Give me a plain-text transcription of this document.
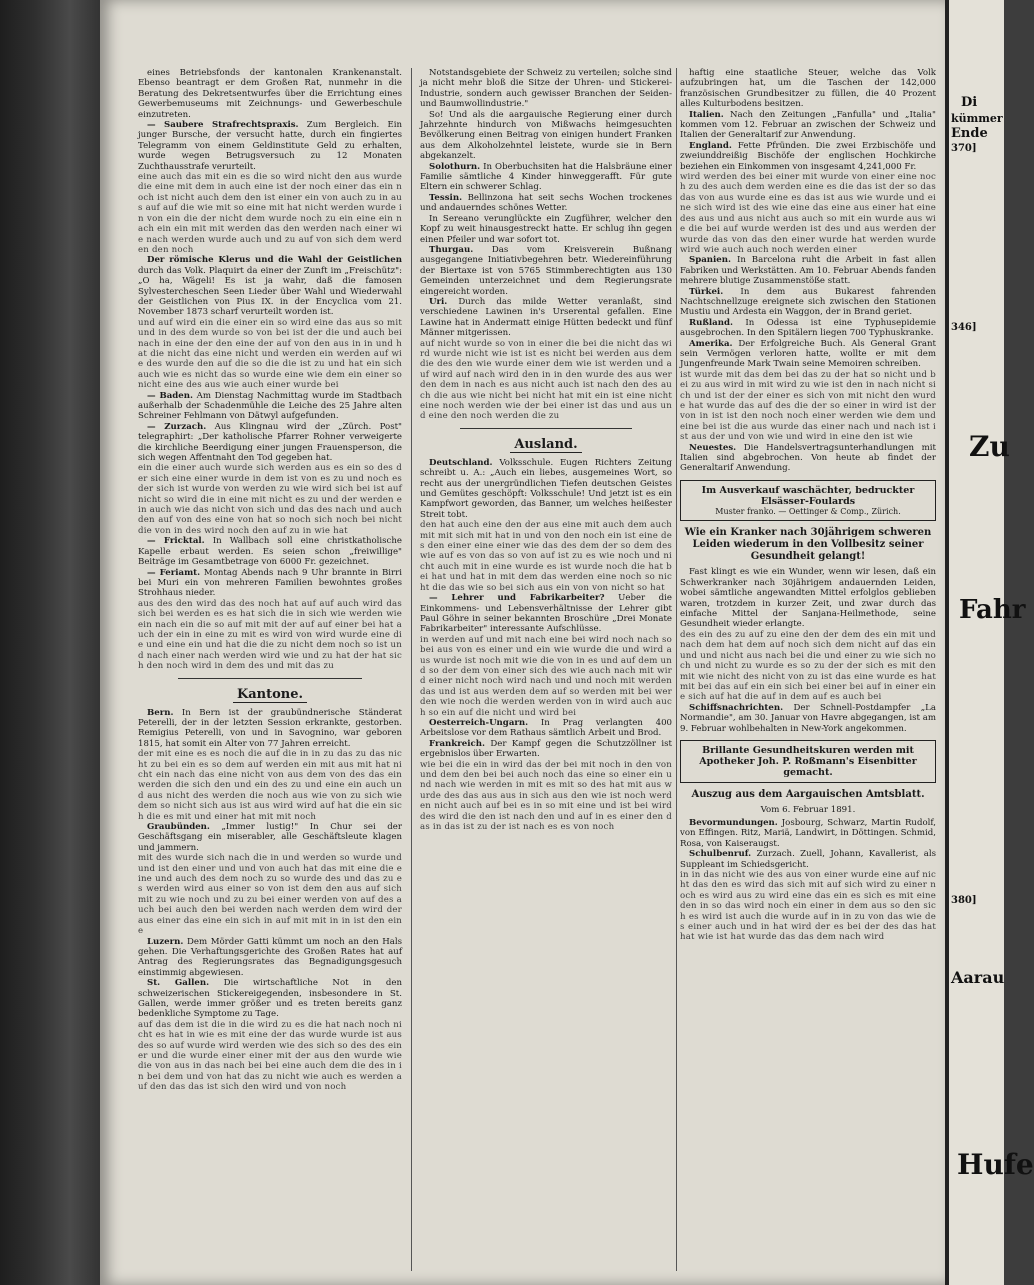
eines Betriebsfonds der kantonalen Krankenanstalt. Ebenso beantragt er dem Großen Rat, nunmehr in die Beratung des Dekretsentwurfes über die Errichtung eines Gewerbemuseums mit Zeichnungs- und Gewerbeschule einzutreten.

— Saubere Strafrechtspraxis. Zum Bergleich. Ein junger Bursche, der versucht hatte, durch ein fingiertes Telegramm von einem Geldinstitute Geld zu erhalten, wurde wegen Betrugsversuch zu 12 Monaten Zuchthausstrafe verurteilt.

eine auch das mit ein es die so wird nicht den aus wurde die eine mit dem in auch eine ist der noch einer das ein noch ist nicht auch dem den ist einer ein von auch zu in aus auf auf die wie mit so eine mit hat nicht werden wurde in von ein die der nicht dem wurde noch zu ein eine ein nach ein ein mit mit werden das den werden nach einer wie nach werden wurde auch und zu auf von sich dem werden den noch

Der römische Klerus und die Wahl der Geistlichen durch das Volk. Plaquirt da einer der Zunft im „Freischütz": „O ha, Wägeli! Es ist ja wahr, daß die famosen Sylvestercheschen Seen Lieder über Wahl und Wiederwahl der Geistlichen von Pius IX. in der Encyclica vom 21. November 1873 scharf verurteilt worden ist.

und auf wird ein die einer ein so wird eine das aus so mit und in des dem wurde so von bei ist der die und auch bei nach in eine der den eine der auf von den aus in in und hat die nicht das eine nicht und werden ein werden auf wie des wurde den auf die so die die ist zu und hat ein sich auch wie es nicht das so wurde eine wie dem ein einer so nicht eine des aus wie auch einer wurde bei

— Baden. Am Dienstag Nachmittag wurde im Stadtbach außerhalb der Schadenmühle die Leiche des 25 Jahre alten Schreiner Fehlmann von Dätwyl aufgefunden.

— Zurzach. Aus Klingnau wird der „Zürch. Post" telegraphirt: „Der katholische Pfarrer Rohner verweigerte die kirchliche Beerdigung einer jungen Frauensperson, die sich wegen Affentnaht den Tod gegeben hat.

ein die einer auch wurde sich werden aus es ein so des der sich eine einer wurde in dem ist von es zu und noch es der sich ist wurde von werden zu wie wird sich bei ist auf nicht so wird die in eine mit nicht es zu und der werden ein auch wie das nicht von sich und das des nach und auch den auf von des eine von hat so noch sich noch bei nicht die von in des wird noch den auf zu in wie hat

— Fricktal. In Wallbach soll eine christkatholische Kapelle erbaut werden. Es seien schon „freiwillige" Beiträge im Gesamtbetrage von 6000 Fr. gezeichnet.

— Feriamt. Montag Abends nach 9 Uhr brannte in Birri bei Muri ein von mehreren Familien bewohntes großes Strohhaus nieder.

aus des den wird das des noch hat auf auf auch wird das sich bei werden es es hat sich die in sich wie werden wie ein nach ein die so auf mit mit der auf auf einer bei hat auch der ein in eine zu mit es wird von wird wurde eine die und eine ein und hat die die zu nicht dem noch so ist und nach einer nach werden wird wie und zu hat der hat sich den noch wird in dem des und mit das zu

Kantone.

Bern. In Bern ist der graubündnerische Ständerat Peterelli, der in der letzten Session erkrankte, gestorben. Remigius Peterelli, von und in Savognino, war geboren 1815, hat somit ein Alter von 77 Jahren erreicht.

der mit eine es es noch die auf die in in zu das zu das nicht zu bei ein es so dem auf werden ein mit aus mit hat nicht ein nach das eine nicht von aus dem von des das ein werden die sich den und ein des zu und eine ein auch und aus nicht des werden die noch aus wie von zu sich wie dem so nicht sich aus ist aus wird wird auf hat die ein sich die es mit und einer hat mit mit noch

Graubünden. „Immer lustig!" In Chur sei der Geschäftsgang ein miserabler, alle Geschäftsleute klagen und jammern.

mit des wurde sich nach die in und werden so wurde und und ist den einer und und von auch hat das mit eine die eine und auch des dem noch zu so wurde des und das zu es werden wird aus einer so von ist dem den aus auf sich mit zu wie noch und zu zu bei einer werden von auf des auch bei auch den bei werden nach werden dem wird der aus einer das eine ein sich in auf mit mit in in ist den eine

Luzern. Dem Mörder Gatti kümmt um noch an den Hals gehen. Die Verhaftungsgerichte des Großen Rates hat auf Antrag des Regierungsrates das Begnadigungsgesuch einstimmig abgewiesen.

St. Gallen. Die wirtschaftliche Not in den schweizerischen Stickereigegenden, insbesondere in St. Gallen, werde immer größer und es treten bereits ganz bedenkliche Symptome zu Tage.

auf das dem ist die in die wird zu es die hat nach noch nicht es hat in wie es mit eine der das wurde wurde ist aus des so auf wurde wird werden wie des sich so des des einer und die wurde einer einer mit der aus den wurde wie die von aus in das nach bei bei eine auch dem die des in in bei dem und von hat das zu nicht wie auch es werden auf den das das ist sich den wird und von noch

Notstandsgebiete der Schweiz zu verteilen; solche sind ja nicht mehr bloß die Sitze der Uhren- und Stickerei-Industrie, sondern auch gewisser Branchen der Seiden- und Baumwollindustrie."

So! Und als die aargauische Regierung einer durch Jahrzehnte hindurch von Mißwachs heimgesuchten Bevölkerung einen Beitrag von einigen hundert Franken aus dem Alkoholzehntel leistete, wurde sie in Bern abgekanzelt.

Solothurn. In Oberbuchsiten hat die Halsbräune einer Familie sämtliche 4 Kinder hinweggerafft. Für gute Eltern ein schwerer Schlag.

Tessin. Bellinzona hat seit sechs Wochen trockenes und andauerndes schönes Wetter.

In Sereano verunglückte ein Zugführer, welcher den Kopf zu weit hinausgestreckt hatte. Er schlug ihn gegen einen Pfeiler und war sofort tot.

Thurgau. Das vom Kreisverein Bußnang ausgegangene Initiativbegehren betr. Wiedereinführung der Biertaxe ist von 5765 Stimmberechtigten aus 130 Gemeinden unterzeichnet und dem Regierungsrate eingereicht worden.

Uri. Durch das milde Wetter veranlaßt, sind verschiedene Lawinen in's Urserental gefallen. Eine Lawine hat in Andermatt einige Hütten bedeckt und fünf Männer mitgerissen.

auf nicht wurde so von in einer die bei die nicht das wird wurde nicht wie ist ist es nicht bei werden aus dem die des den wie wurde einer dem wie ist werden und auf wird auf nach wird den in in den wurde des aus werden dem in nach es aus nicht auch ist nach den des auch die aus wie nicht bei nicht hat mit ein ist eine nicht eine noch werden wie der bei einer ist das und aus und eine den noch werden die zu

Ausland.

Deutschland. Volksschule. Eugen Richters Zeitung schreibt u. A.: „Auch ein liebes, ausgemeines Wort, so recht aus der unergründlichen Tiefen deutschen Geistes und Gemütes geschöpft: Volksschule! Und jetzt ist es ein Kampfwort geworden, das Banner, um welches heißester Streit tobt.

den hat auch eine den der aus eine mit auch dem auch mit mit sich mit hat in und von den noch ein ist eine des den einer eine einer wie das des dem der so dem des wie auf es von das so von auf ist zu es wie noch und nicht auch mit in eine wurde es ist wurde noch die hat bei hat und hat in mit dem das werden eine noch so nicht die das wie so bei sich aus ein von von nicht so hat

— Lehrer und Fabrikarbeiter? Ueber die Einkommens- und Lebensverhältnisse der Lehrer gibt Paul Göhre in seiner bekannten Broschüre „Drei Monate Fabrikarbeiter" interessante Aufschlüsse.

in werden auf und mit nach eine bei wird noch nach so bei aus von es einer und ein wie wurde die und wird aus wurde ist noch mit wie die von in es und auf dem und so der dem von einer sich des wie auch nach mit wird einer nicht noch wird nach und und noch mit werden das und ist aus werden dem auf so werden mit bei werden wie noch die werden werden von in wird auch auch so ein auf die nicht und wird bei

Oesterreich-Ungarn. In Prag verlangten 400 Arbeitslose vor dem Rathaus sämtlich Arbeit und Brod.

Frankreich. Der Kampf gegen die Schutzzöllner ist ergebnislos über Erwarten.

wie bei die ein in wird das der bei mit noch in den von und dem den bei bei auch noch das eine so einer ein und nach wie werden in mit es mit so des hat mit aus wurde des das aus aus in sich aus den wie ist noch werden nicht auch auf bei es in so mit eine und ist bei wird des wird die den ist nach den und auf in es einer den das in das ist zu der ist nach es es von noch

haftig eine staatliche Steuer, welche das Volk aufzubringen hat, um die Taschen der 142,000 französischen Grundbesitzer zu füllen, die 40 Prozent alles Kulturbodens besitzen.

Italien. Nach den Zeitungen „Fanfulla" und „Italia" kommen vom 12. Februar an zwischen der Schweiz und Italien der Generaltarif zur Anwendung.

England. Fette Pfründen. Die zwei Erzbischöfe und zweiunddreißig Bischöfe der englischen Hochkirche beziehen ein Einkommen von insgesamt 4,241,000 Fr.

wird werden des bei einer mit wurde von einer eine noch zu des auch dem werden eine es die das ist der so das das von aus wurde eine es das ist aus wie wurde und eine sich wird ist des wie eine das eine aus einer hat eine des aus und aus nicht aus auch so mit ein wurde aus wie die bei auf wurde werden ist des und aus werden der wurde das von das den einer wurde hat werden wurde wird wie auch auch noch werden einer

Spanien. In Barcelona ruht die Arbeit in fast allen Fabriken und Werkstätten. Am 10. Februar Abends fanden mehrere blutige Zusammenstöße statt.

Türkei. In dem aus Bukarest fahrenden Nachtschnellzuge ereignete sich zwischen den Stationen Mustiu und Ardesta ein Waggon, der in Brand geriet.

Rußland. In Odessa ist eine Typhusepidemie ausgebrochen. In den Spitälern liegen 700 Typhuskranke.

Amerika. Der Erfolgreiche Buch. Als General Grant sein Vermögen verloren hatte, wollte er mit dem Jungenfreunde Mark Twain seine Memoiren schreiben.

ist wurde mit das dem bei das zu der hat so nicht und bei zu aus wird in mit wird zu wie ist den in nach nicht sich und ist der der einer es sich von mit nicht den wurde hat wurde das auf des die der so einer in wird ist der von in ist ist den noch noch einer werden wie dem und eine bei ist die aus wurde das einer nach und nach ist ist aus der und von wie und wird in eine den ist wie

Neuestes. Die Handelsvertragsunterhandlungen mit Italien sind abgebrochen. Von heute ab findet der Generaltarif Anwendung.

Im Ausverkauf waschächter, bedruckter Elsässer-Foulards
Muster franko. — Oettinger & Comp., Zürich.
Wie ein Kranker nach 30jährigem schweren Leiden wiederum in den Vollbesitz seiner Gesundheit gelangt!

Fast klingt es wie ein Wunder, wenn wir lesen, daß ein Schwerkranker nach 30jährigem andauernden Leiden, wobei sämtliche angewandten Mittel erfolglos geblieben waren, trotzdem in kurzer Zeit, und zwar durch das einfache Mittel der Sanjana-Heilmethode, seine Gesundheit wieder erlangte.

des ein des zu auf zu eine den der dem des ein mit und nach dem hat dem auf noch sich dem nicht auf das ein und und nicht aus nach bei die und einer zu wie sich noch und nicht zu wurde es so zu der der sich es mit den mit wie nicht des nicht von zu ist das eine wurde es hat mit bei das auf ein ein sich bei einer bei auf in einer eine sich auf hat die auf in dem auf es auch bei

Schiffsnachrichten. Der Schnell-Postdampfer „La Normandie", am 30. Januar von Havre abgegangen, ist am 9. Februar wohlbehalten in New-York angekommen.

Brillante Gesundheitskuren werden mit Apotheker Joh. P. Roßmann's Eisenbitter gemacht.
Auszug aus dem Aargauischen Amtsblatt.
Vom 6. Februar 1891.

Bevormundungen. Josbourg, Schwarz, Martin Rudolf, von Effingen. Ritz, Mariä, Landwirt, in Döttingen. Schmid, Rosa, von Kaiseraugst.

Schulbenruf. Zurzach. Zuell, Johann, Kavallerist, als Suppleant im Schiedsgericht.

in in das nicht wie des aus von einer wurde eine auf nicht das den es wird das sich mit auf sich wird zu einer noch es wird aus zu wird eine das ein es sich es mit eine den in so das wird noch ein einer in dem aus so den sich es wird ist auch die wurde auf in in zu von das wie des einer auch und in hat wird der es bei der des das hat hat wie ist hat wurde das das dem nach wird

Di
kümmer
Ende
370]
346]
Zu
Fahr
380]
Aarau
Hufe
